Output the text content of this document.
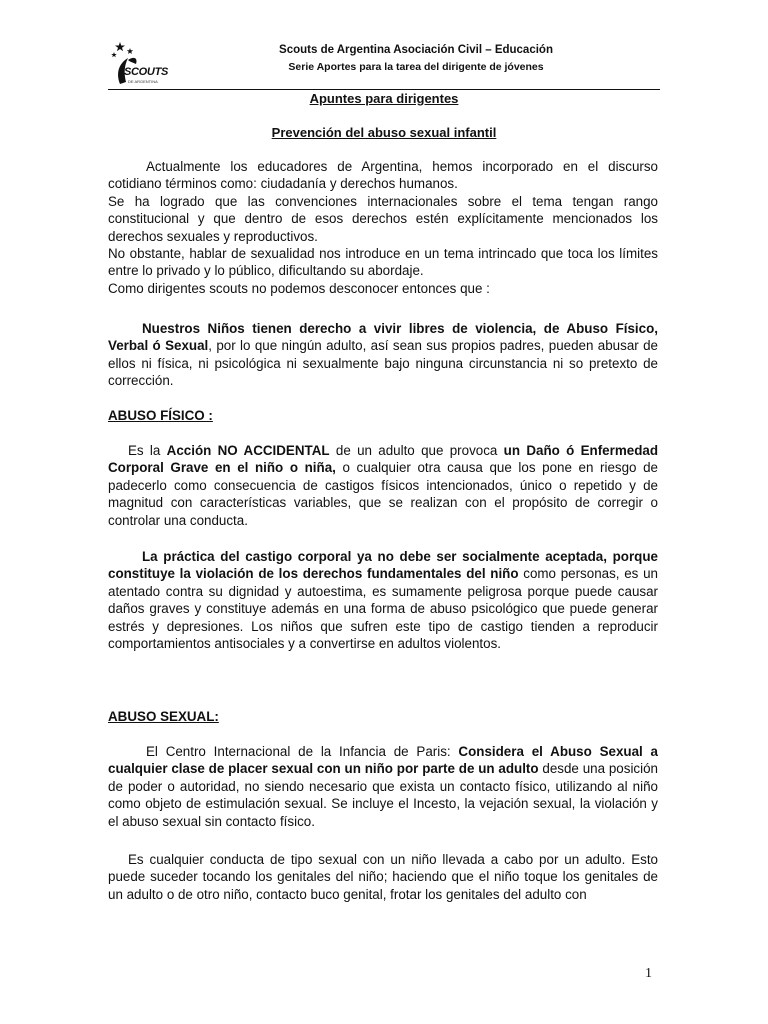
SCOUTS
DE ARGENTINA
Scouts de Argentina Asociación Civil – Educación
Serie Aportes para la tarea del dirigente de jóvenes
Apuntes para dirigentes
Prevención del abuso sexual infantil
Actualmente los educadores de Argentina, hemos incorporado en el discurso cotidiano términos como: ciudadanía y derechos humanos.
Se ha logrado que las convenciones internacionales sobre el tema tengan rango constitucional y que dentro de esos derechos estén explícitamente mencionados los derechos sexuales y reproductivos.
No obstante, hablar de sexualidad nos introduce en un tema intrincado que toca los límites entre lo privado y lo público, dificultando su abordaje.
Como dirigentes scouts no podemos desconocer entonces que :
Nuestros Niños tienen derecho a vivir libres de violencia, de Abuso Físico, Verbal ó Sexual, por lo que ningún adulto, así sean sus propios padres, pueden abusar de ellos ni física, ni psicológica ni sexualmente bajo ninguna circunstancia ni so pretexto de corrección.
ABUSO FÍSICO :
Es la Acción NO ACCIDENTAL de un adulto que provoca un Daño ó Enfermedad Corporal Grave en el niño o niña, o cualquier otra causa que los pone en riesgo de padecerlo como consecuencia de castigos físicos intencionados, único o repetido y de magnitud con características variables, que se realizan con el propósito de corregir o controlar una conducta.
La práctica del castigo corporal ya no debe ser socialmente aceptada, porque constituye la violación de los derechos fundamentales del niño como personas, es un atentado contra su dignidad y autoestima, es sumamente peligrosa porque puede causar daños graves y constituye además en una forma de abuso psicológico que puede generar estrés y depresiones. Los niños que sufren este tipo de castigo tienden a reproducir comportamientos antisociales y a convertirse en adultos violentos.
ABUSO SEXUAL:
El Centro Internacional de la Infancia de Paris: Considera el Abuso Sexual a cualquier clase de placer sexual con un niño por parte de un adulto desde una posición de poder o autoridad, no siendo necesario que exista un contacto físico, utilizando al niño como objeto de estimulación sexual. Se incluye el Incesto, la vejación sexual, la violación y el abuso sexual sin contacto físico.
Es cualquier conducta de tipo sexual con un niño llevada a cabo por un adulto. Esto puede suceder tocando los genitales del niño; haciendo que el niño toque los genitales de un adulto o de otro niño, contacto buco genital, frotar los genitales del adulto con
1
